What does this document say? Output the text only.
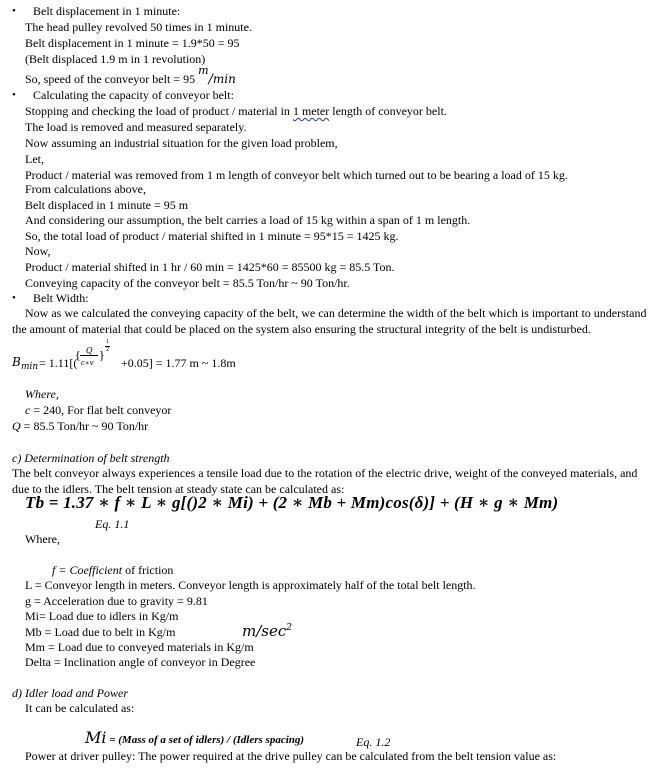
• Belt displacement in 1 minute:
The head pulley revolved 50 times in 1 minute.
Belt displacement in 1 minute = 1.9*50 = 95
(Belt displaced 1.9 m in 1 revolution)
So, speed of the conveyor belt = 95 m/min
• Calculating the capacity of conveyor belt:
Stopping and checking the load of product / material in 1 meter length of conveyor belt.
The load is removed and measured separately.
Now assuming an industrial situation for the given load problem,
Let,
Product / material was removed from 1 m length of conveyor belt which turned out to be bearing a load of 15 kg.
From calculations above,
Belt displaced in 1 minute = 95 m
And considering our assumption, the belt carries a load of 15 kg within a span of 1 m length.
So, the total load of product / material shifted in 1 minute = 95*15 = 1425 kg.
Now,
Product / material shifted in 1 hr / 60 min = 1425*60 = 85500 kg = 85.5 Ton.
Conveying capacity of the conveyor belt = 85.5 Ton/hr ~ 90 Ton/hr.
• Belt Width:
Now as we calculated the conveying capacity of the belt, we can determine the width of the belt which is important to understand
the amount of material that could be placed on the system also ensuring the structural integrity of the belt is undisturbed.
B min = 1.11[(
{ Q
c∗v
}
1
2
+0.05] = 1.77 m ~ 1.8m
Where,
c = 240, For flat belt conveyor
Q = 85.5 Ton/hr ~ 90 Ton/hr
c) Determination of belt strength
The belt conveyor always experiences a tensile load due to the rotation of the electric drive, weight of the conveyed materials, and
due to the idlers. The belt tension at steady state can be calculated as:
Tb = 1.37 ∗ f ∗ L ∗ g[()2 ∗ Mi) + (2 ∗ Mb + Mm)cos(δ)] + (H ∗ g ∗ Mm)
Eq. 1.1
Where,
f = Coefficient of friction
L = Conveyor length in meters. Conveyor length is approximately half of the total belt length.
g = Acceleration due to gravity = 9.81
Mi= Load due to idlers in Kg/m
Mb = Load due to belt in Kg/m	$m/\sec^2$
Mm = Load due to conveyed materials in Kg/m
Delta = Inclination angle of conveyor in Degree
d) Idler load and Power
It can be calculated as:
Mi = (Mass of a set of idlers) / (Idlers spacing)	Eq. 1.2
Power at driver pulley: The power required at the drive pulley can be calculated from the belt tension value as:
